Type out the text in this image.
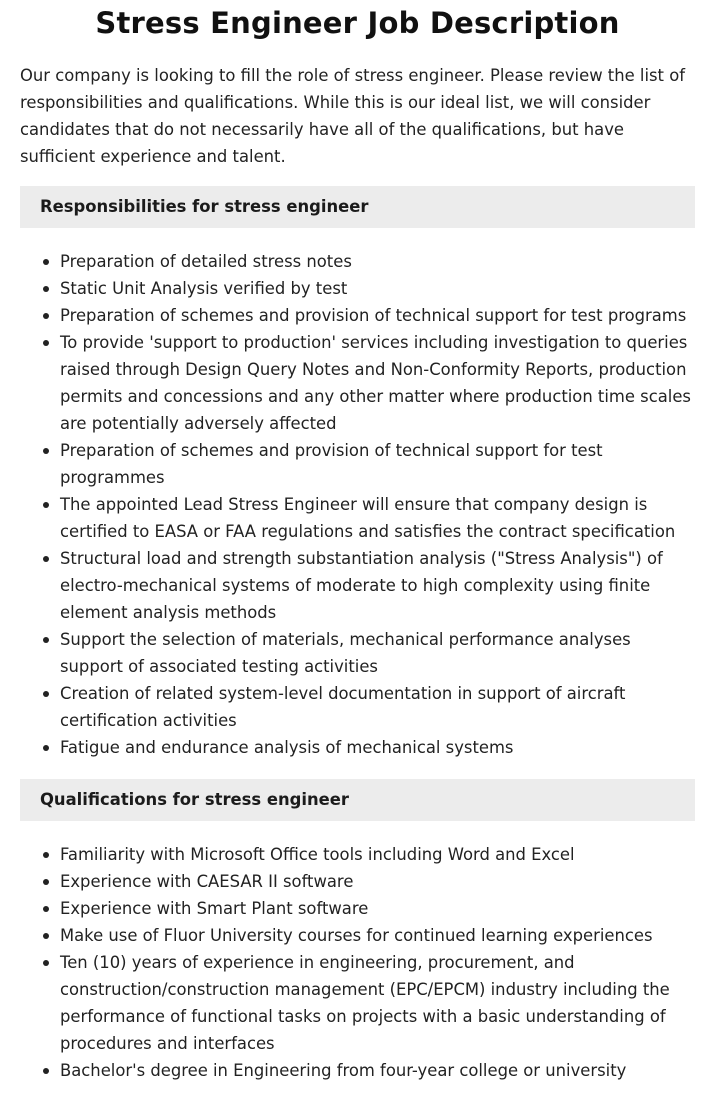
Stress Engineer Job Description

Our company is looking to fill the role of stress engineer. Please review the list of responsibilities and qualifications. While this is our ideal list, we will consider candidates that do not necessarily have all of the qualifications, but have sufficient experience and talent.

Responsibilities for stress engineer
Preparation of detailed stress notes
Static Unit Analysis verified by test
Preparation of schemes and provision of technical support for test programs
To provide 'support to production' services including investigation to queries raised through Design Query Notes and Non-Conformity Reports, production permits and concessions and any other matter where production time scales are potentially adversely affected
Preparation of schemes and provision of technical support for test programmes
The appointed Lead Stress Engineer will ensure that company design is certified to EASA or FAA regulations and satisfies the contract specification
Structural load and strength substantiation analysis ("Stress Analysis") of electro-mechanical systems of moderate to high complexity using finite element analysis methods
Support the selection of materials, mechanical performance analyses support of associated testing activities
Creation of related system-level documentation in support of aircraft certification activities
Fatigue and endurance analysis of mechanical systems
Qualifications for stress engineer
Familiarity with Microsoft Office tools including Word and Excel
Experience with CAESAR II software
Experience with Smart Plant software
Make use of Fluor University courses for continued learning experiences
Ten (10) years of experience in engineering, procurement, and construction/construction management (EPC/EPCM) industry including the performance of functional tasks on projects with a basic understanding of procedures and interfaces
Bachelor's degree in Engineering from four-year college or university
